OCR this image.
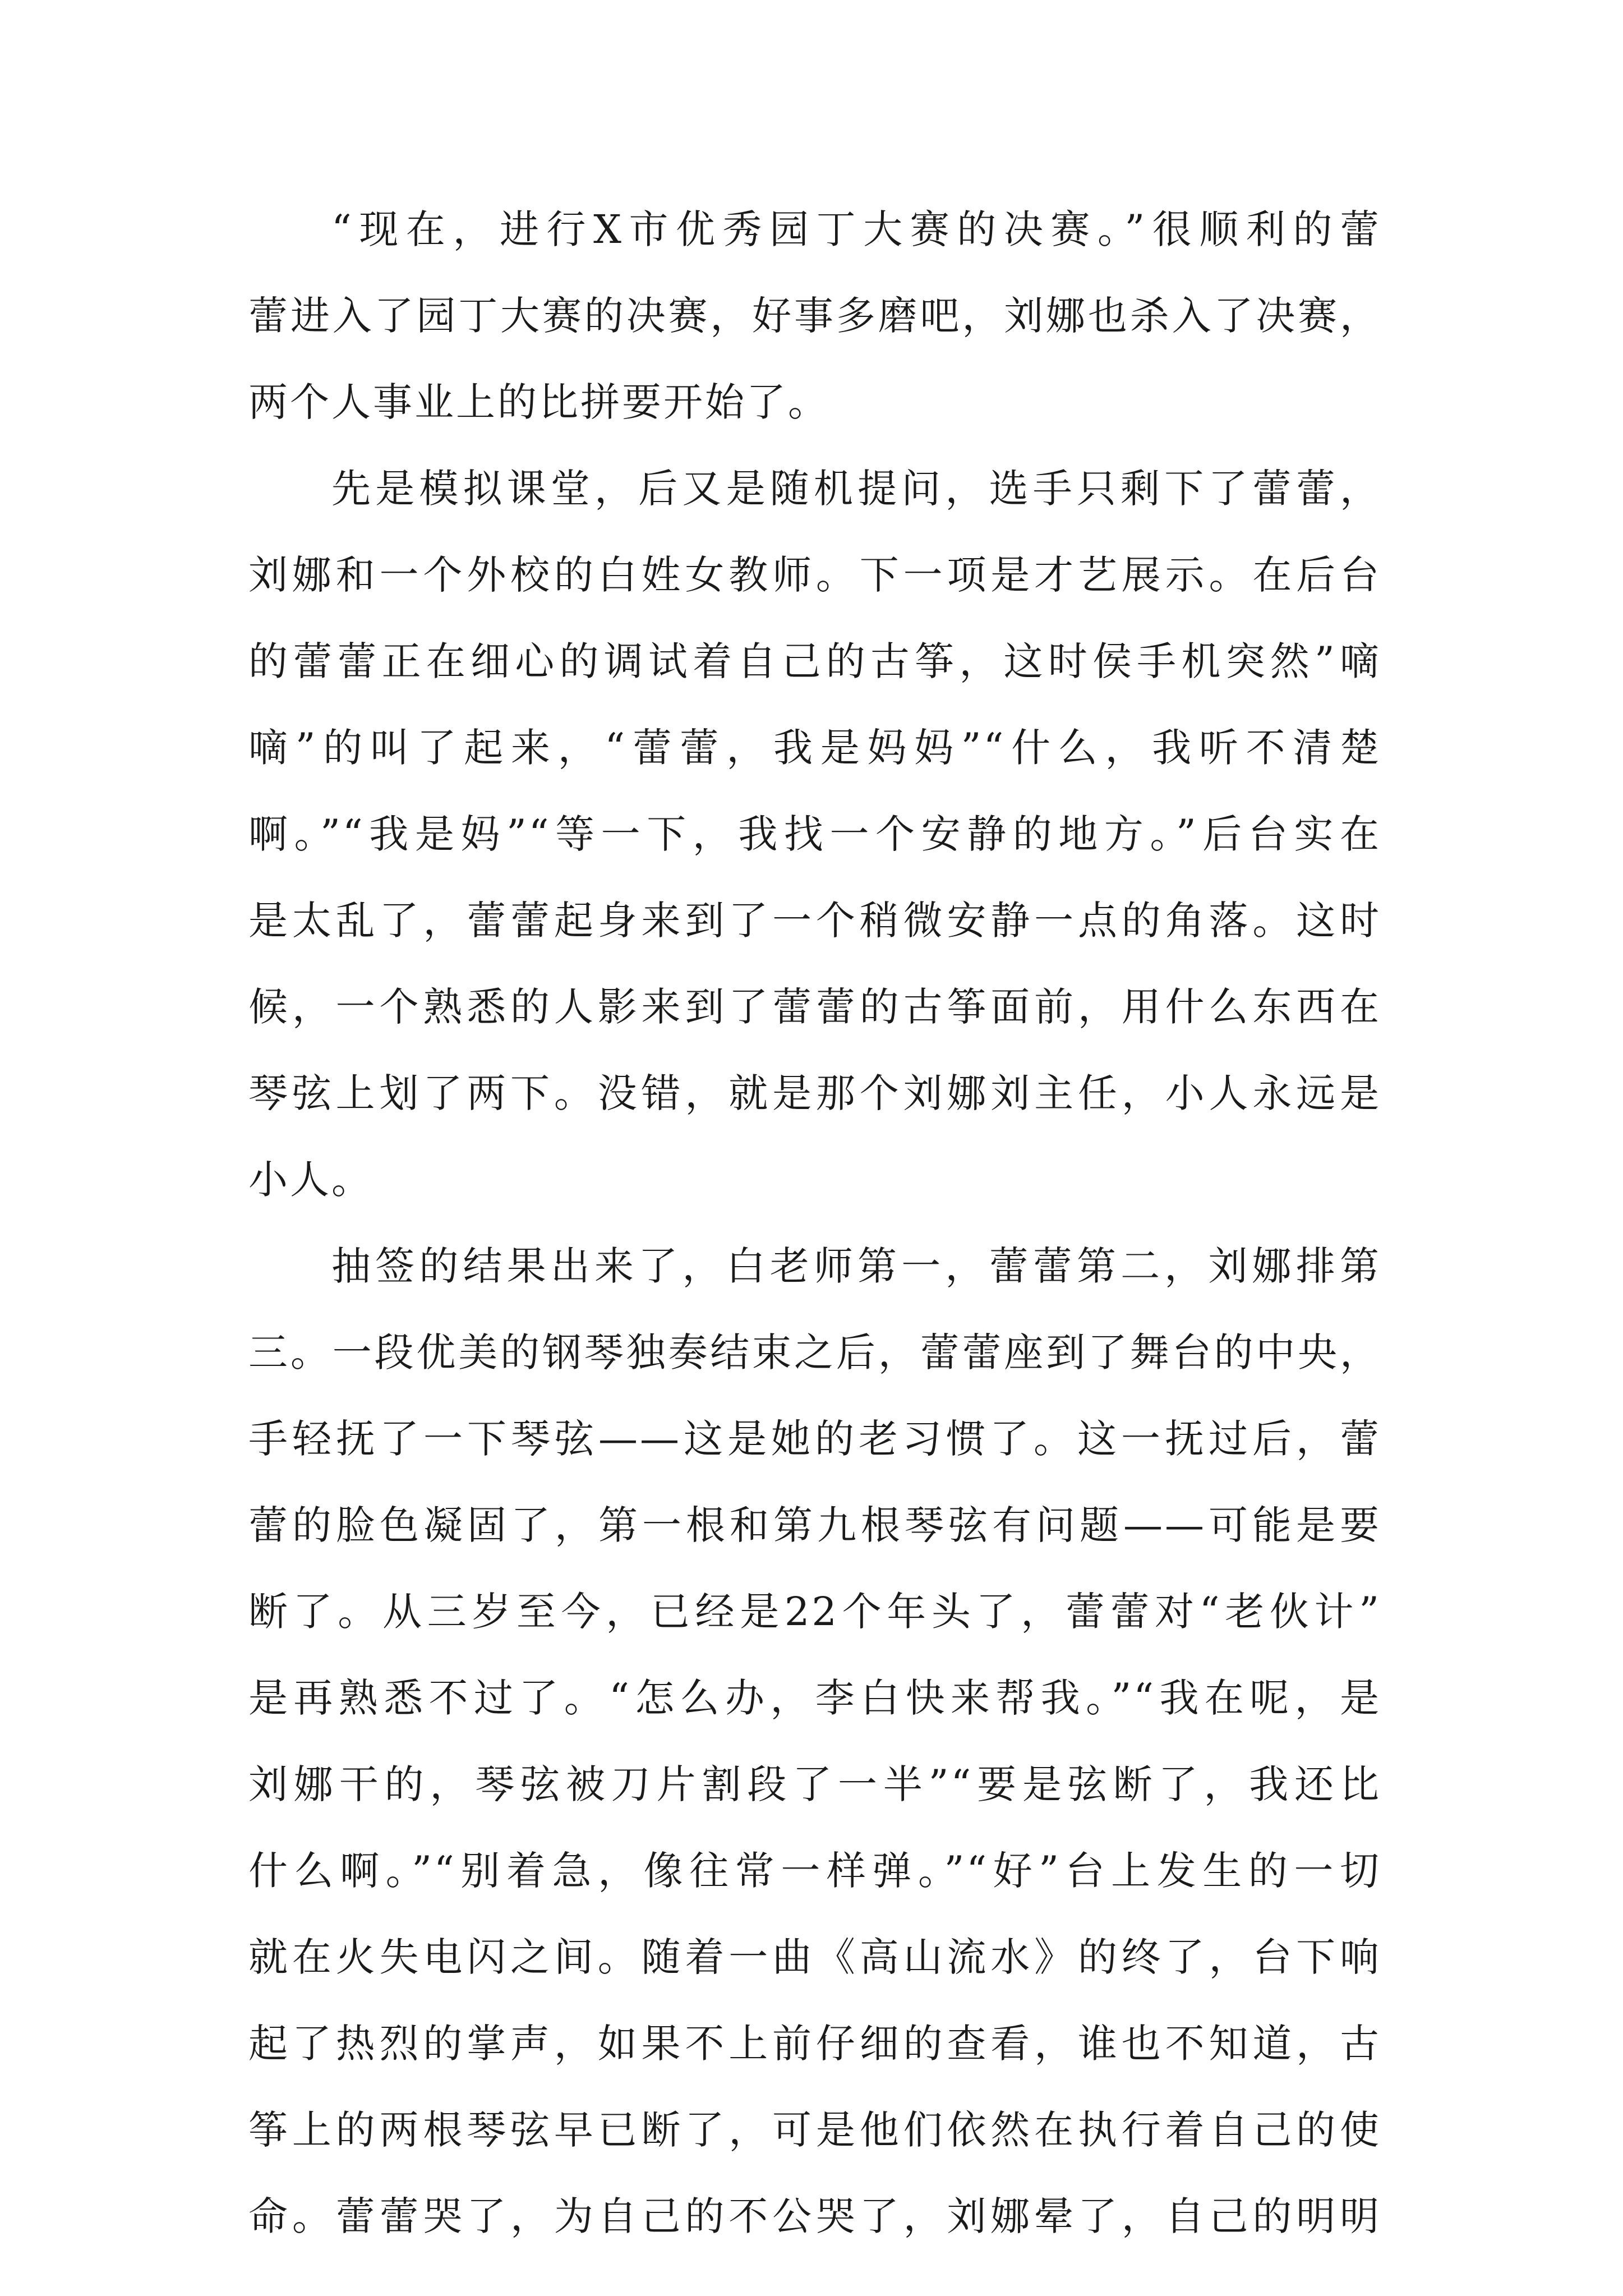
“现在，进行X市优秀园丁大赛的决赛。”很顺利的蕾
蕾进入了园丁大赛的决赛，好事多磨吧，刘娜也杀入了决赛，
两个人事业上的比拼要开始了。
先是模拟课堂，后又是随机提问，选手只剩下了蕾蕾，
刘娜和一个外校的白姓女教师。下一项是才艺展示。在后台
的蕾蕾正在细心的调试着自己的古筝，这时侯手机突然”嘀
嘀”的叫了起来，“蕾蕾，我是妈妈”“什么，我听不清楚
啊。”“我是妈”“等一下，我找一个安静的地方。”后台实在
是太乱了，蕾蕾起身来到了一个稍微安静一点的角落。这时
候，一个熟悉的人影来到了蕾蕾的古筝面前，用什么东西在
琴弦上划了两下。没错，就是那个刘娜刘主任，小人永远是
小人。
抽签的结果出来了，白老师第一，蕾蕾第二，刘娜排第
三。一段优美的钢琴独奏结束之后，蕾蕾座到了舞台的中央，
手轻抚了一下琴弦——这是她的老习惯了。这一抚过后，蕾
蕾的脸色凝固了，第一根和第九根琴弦有问题——可能是要
断了。从三岁至今，已经是22个年头了，蕾蕾对“老伙计”
是再熟悉不过了。“怎么办，李白快来帮我。”“我在呢，是
刘娜干的，琴弦被刀片割段了一半”“要是弦断了，我还比
什么啊。”“别着急，像往常一样弹。”“好”台上发生的一切
就在火失电闪之间。随着一曲《高山流水》的终了，台下响
起了热烈的掌声，如果不上前仔细的查看，谁也不知道，古
筝上的两根琴弦早已断了，可是他们依然在执行着自己的使
命。蕾蕾哭了，为自己的不公哭了，刘娜晕了，自己的明明
